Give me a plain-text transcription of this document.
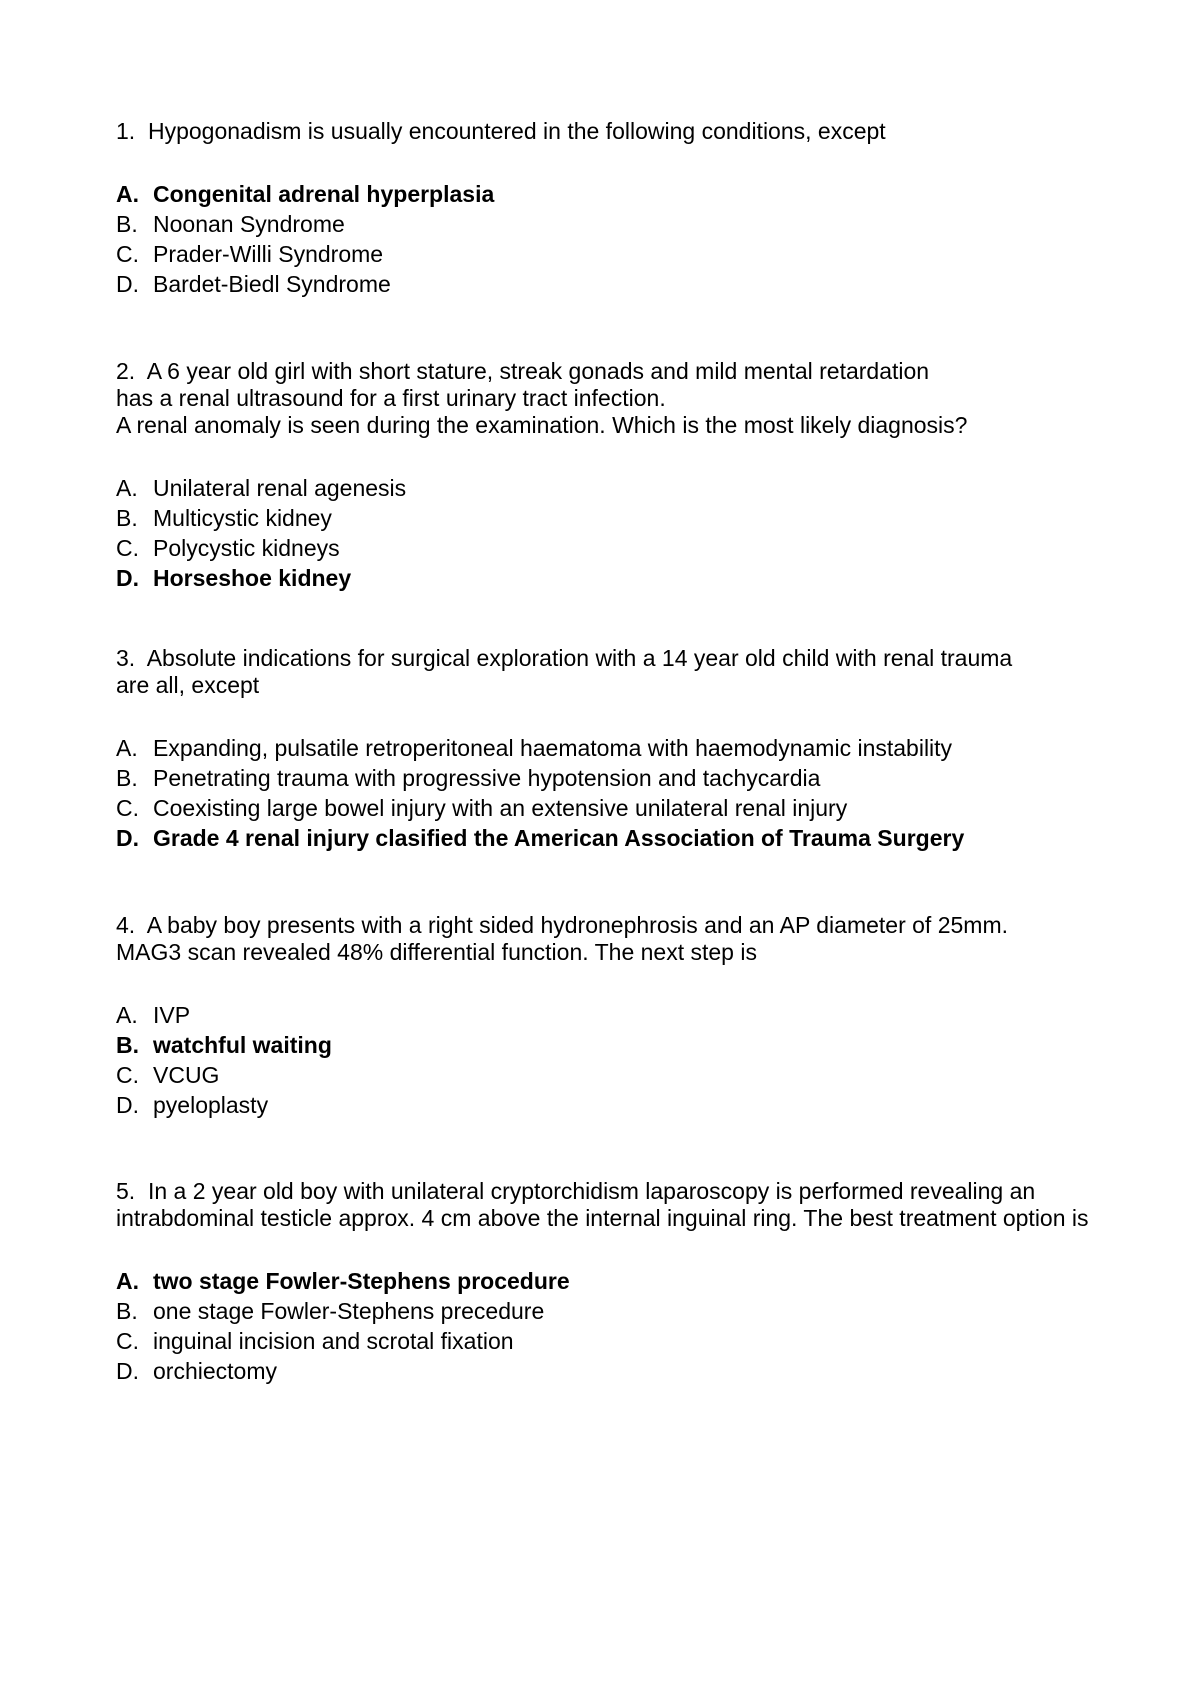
1.  Hypogonadism is usually encountered in the following conditions, except
A. Congenital adrenal hyperplasia
B. Noonan Syndrome
C. Prader-Willi Syndrome
D. Bardet-Biedl Syndrome
2.  A 6 year old girl with short stature, streak gonads and mild mental retardation
has a renal ultrasound for a first urinary tract infection.
A renal anomaly is seen during the examination. Which is the most likely diagnosis?
A. Unilateral renal agenesis
B. Multicystic kidney
C. Polycystic kidneys
D. Horseshoe kidney
3.  Absolute indications for surgical exploration with a 14 year old child with renal trauma
are all, except
A. Expanding, pulsatile retroperitoneal haematoma with haemodynamic instability
B. Penetrating trauma with progressive hypotension and tachycardia
C. Coexisting large bowel injury with an extensive unilateral renal injury
D. Grade 4 renal injury clasified the American Association of Trauma Surgery
4.  A baby boy presents with a right sided hydronephrosis and an AP diameter of 25mm.
MAG3 scan revealed 48% differential function. The next step is
A. IVP
B. watchful waiting
C. VCUG
D. pyeloplasty
5.  In a 2 year old boy with unilateral cryptorchidism laparoscopy is performed revealing an
intrabdominal testicle approx. 4 cm above the internal inguinal ring. The best treatment option is
A. two stage Fowler-Stephens procedure
B. one stage Fowler-Stephens precedure
C. inguinal incision and scrotal fixation
D. orchiectomy
